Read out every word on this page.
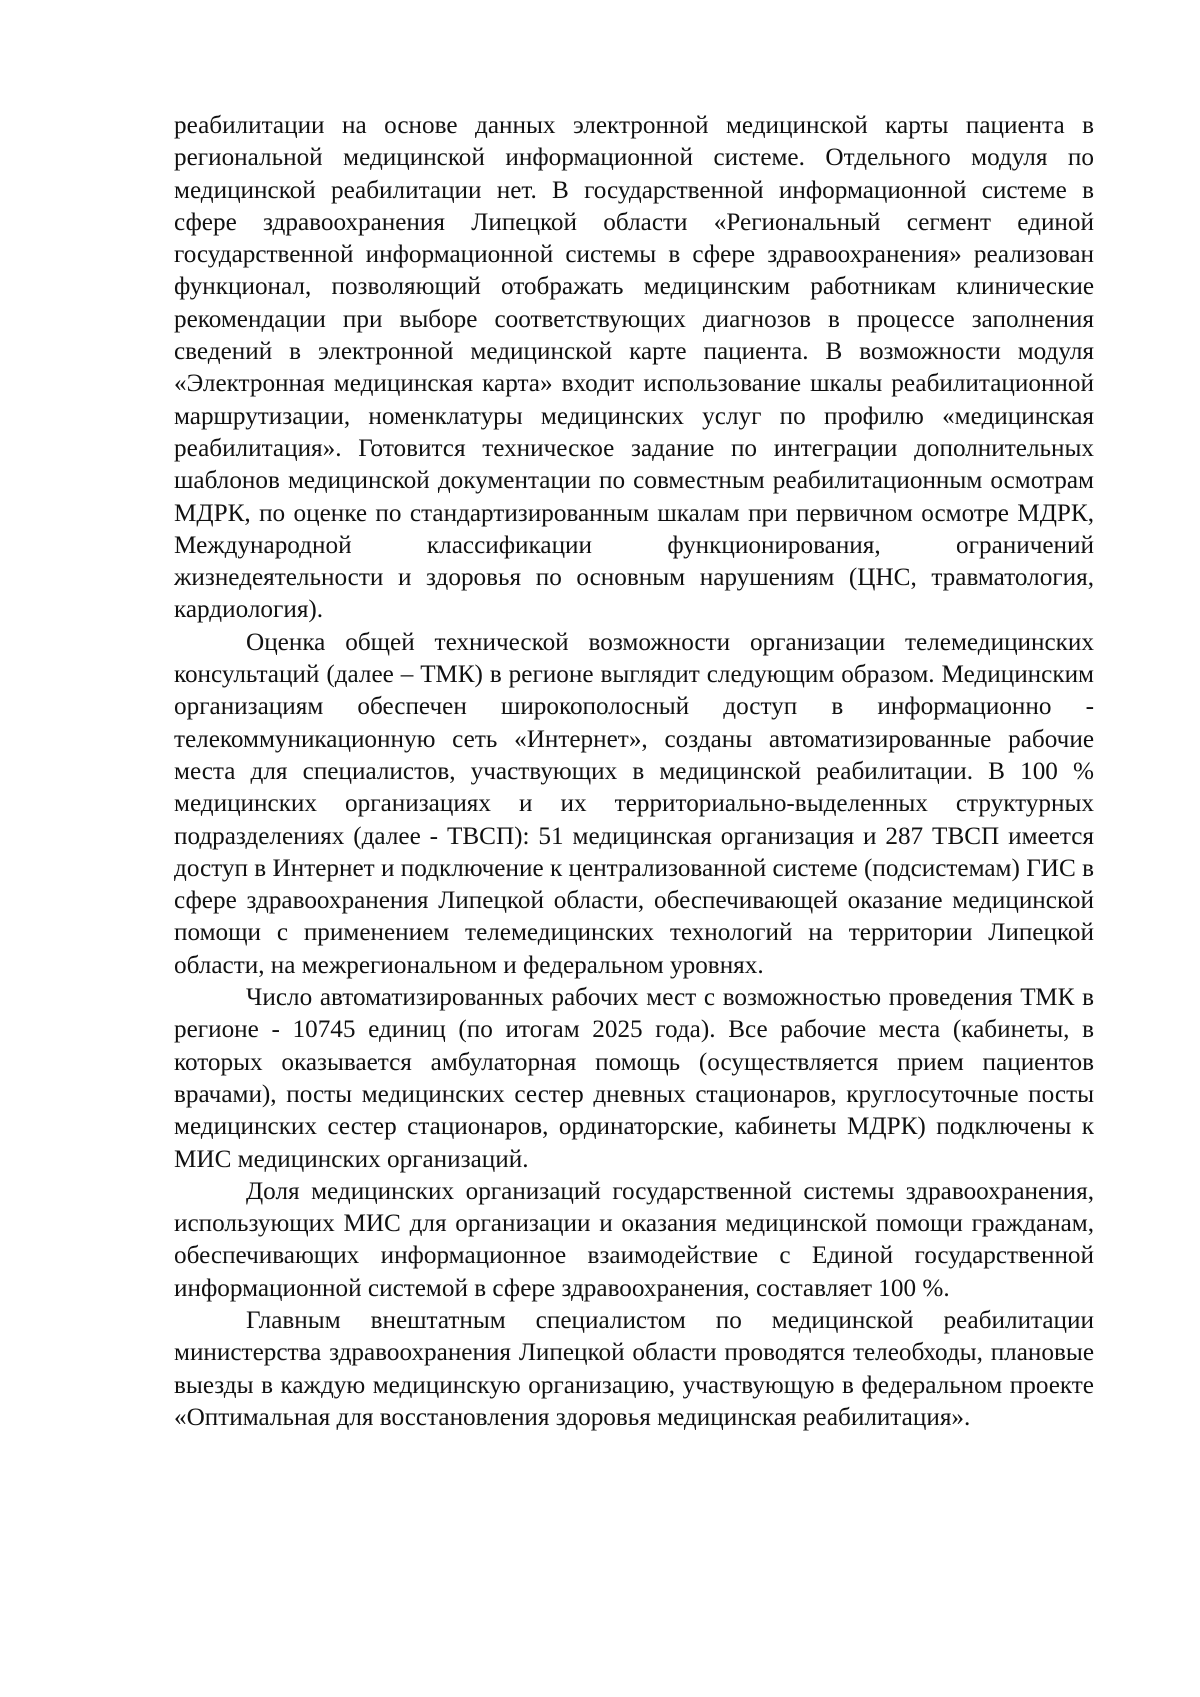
реабилитации на основе данных электронной медицинской карты пациента в региональной медицинской информационной системе. Отдельного модуля по медицинской реабилитации нет. В государственной информационной системе в сфере здравоохранения Липецкой области «Региональный сегмент единой государственной информационной системы в сфере здравоохранения» реализован функционал, позволяющий отображать медицинским работникам клинические рекомендации при выборе соответствующих диагнозов в процессе заполнения сведений в электронной медицинской карте пациента. В возможности модуля «Электронная медицинская карта» входит использование шкалы реабилитационной маршрутизации, номенклатуры медицинских услуг по профилю «медицинская реабилитация». Готовится техническое задание по интеграции дополнительных шаблонов медицинской документации по совместным реабилитационным осмотрам МДРК, по оценке по стандартизированным шкалам при первичном осмотре МДРК, Международной классификации функционирования, ограничений жизнедеятельности и здоровья по основным нарушениям (ЦНС, травматология, кардиология).

Оценка общей технической возможности организации телемедицинских консультаций (далее – ТМК) в регионе выглядит следующим образом. Медицинским организациям обеспечен широкополосный доступ в информационно - телекоммуникационную сеть «Интернет», созданы автоматизированные рабочие места для специалистов, участвующих в медицинской реабилитации. В 100 % медицинских организациях и их территориально-выделенных структурных подразделениях (далее - ТВСП): 51 медицинская организация и 287 ТВСП имеется доступ в Интернет и подключение к централизованной системе (подсистемам) ГИС в сфере здравоохранения Липецкой области, обеспечивающей оказание медицинской помощи с применением телемедицинских технологий на территории Липецкой области, на межрегиональном и федеральном уровнях.

Число автоматизированных рабочих мест с возможностью проведения ТМК в регионе - 10745 единиц (по итогам 2025 года). Все рабочие места (кабинеты, в которых оказывается амбулаторная помощь (осуществляется прием пациентов врачами), посты медицинских сестер дневных стационаров, круглосуточные посты медицинских сестер стационаров, ординаторские, кабинеты МДРК) подключены к МИС медицинских организаций.

Доля медицинских организаций государственной системы здравоохранения, использующих МИС для организации и оказания медицинской помощи гражданам, обеспечивающих информационное взаимодействие с Единой государственной информационной системой в сфере здравоохранения, составляет 100 %.

Главным внештатным специалистом по медицинской реабилитации министерства здравоохранения Липецкой области проводятся телеобходы, плановые выезды в каждую медицинскую организацию, участвующую в федеральном проекте «Оптимальная для восстановления здоровья медицинская реабилитация».
